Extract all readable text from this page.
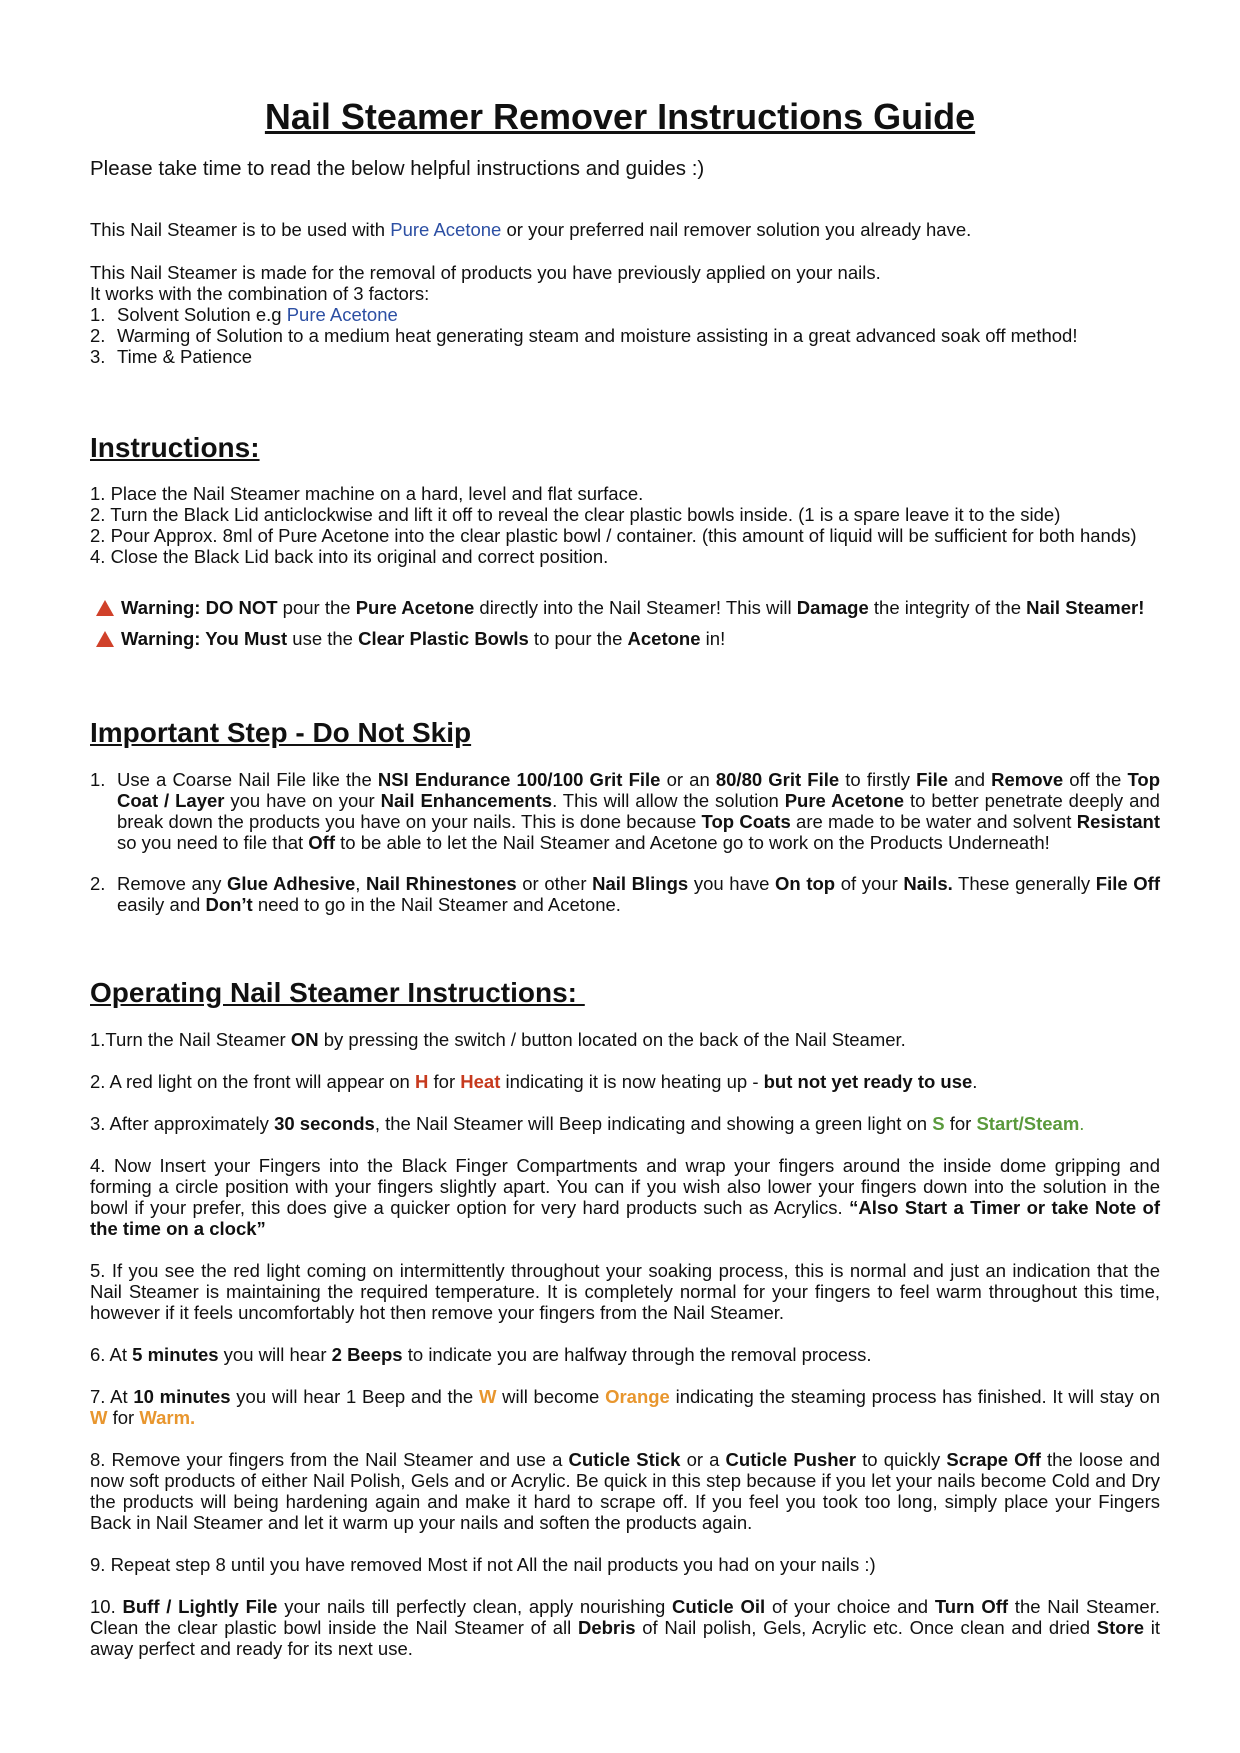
Nail Steamer Remover Instructions Guide

Please take time to read the below helpful instructions and guides :)

This Nail Steamer is to be used with Pure Acetone or your preferred nail remover solution you already have.

This Nail Steamer is made for the removal of products you have previously applied on your nails.

It works with the combination of 3 factors:

1. Solvent Solution e.g Pure Acetone
2. Warming of Solution to a medium heat generating steam and moisture assisting in a great advanced soak off method!
3. Time & Patience
Instructions:

1. Place the Nail Steamer machine on a hard, level and flat surface.

2. Turn the Black Lid anticlockwise and lift it off to reveal the clear plastic bowls inside. (1 is a spare leave it to the side)

2. Pour Approx. 8ml of Pure Acetone into the clear plastic bowl / container. (this amount of liquid will be sufficient for both hands)

4. Close the Black Lid back into its original and correct position.

Warning: DO NOT pour the Pure Acetone directly into the Nail Steamer! This will Damage the integrity of the Nail Steamer!
Warning: You Must use the Clear Plastic Bowls to pour the Acetone in!
Important Step - Do Not Skip
1. Use a Coarse Nail File like the NSI Endurance 100/100 Grit File or an 80/80 Grit File to firstly File and Remove off the Top Coat / Layer you have on your Nail Enhancements. This will allow the solution Pure Acetone to better penetrate deeply and break down the products you have on your nails. This is done because Top Coats are made to be water and solvent Resistant so you need to file that Off to be able to let the Nail Steamer and Acetone go to work on the Products Underneath!
2. Remove any Glue Adhesive, Nail Rhinestones or other Nail Blings you have On top of your Nails. These generally File Off easily and Don’t need to go in the Nail Steamer and Acetone.
Operating Nail Steamer Instructions:

1.Turn the Nail Steamer ON by pressing the switch / button located on the back of the Nail Steamer.

2. A red light on the front will appear on H for Heat indicating it is now heating up - but not yet ready to use.

3. After approximately 30 seconds, the Nail Steamer will Beep indicating and showing a green light on S for Start/Steam.

4. Now Insert your Fingers into the Black Finger Compartments and wrap your fingers around the inside dome gripping and forming a circle position with your fingers slightly apart. You can if you wish also lower your fingers down into the solution in the bowl if your prefer, this does give a quicker option for very hard products such as Acrylics. “Also Start a Timer or take Note of the time on a clock”

5. If you see the red light coming on intermittently throughout your soaking process, this is normal and just an indication that the Nail Steamer is maintaining the required temperature. It is completely normal for your fingers to feel warm throughout this time, however if it feels uncomfortably hot then remove your fingers from the Nail Steamer.

6. At 5 minutes you will hear 2 Beeps to indicate you are halfway through the removal process.

7. At 10 minutes you will hear 1 Beep and the W will become Orange indicating the steaming process has finished. It will stay on W for Warm.

8. Remove your fingers from the Nail Steamer and use a Cuticle Stick or a Cuticle Pusher to quickly Scrape Off the loose and now soft products of either Nail Polish, Gels and or Acrylic. Be quick in this step because if you let your nails become Cold and Dry the products will being hardening again and make it hard to scrape off. If you feel you took too long, simply place your Fingers Back in Nail Steamer and let it warm up your nails and soften the products again.

9. Repeat step 8 until you have removed Most if not All the nail products you had on your nails :)

10. Buff / Lightly File your nails till perfectly clean, apply nourishing Cuticle Oil of your choice and Turn Off the Nail Steamer. Clean the clear plastic bowl inside the Nail Steamer of all Debris of Nail polish, Gels, Acrylic etc. Once clean and dried Store it away perfect and ready for its next use.
